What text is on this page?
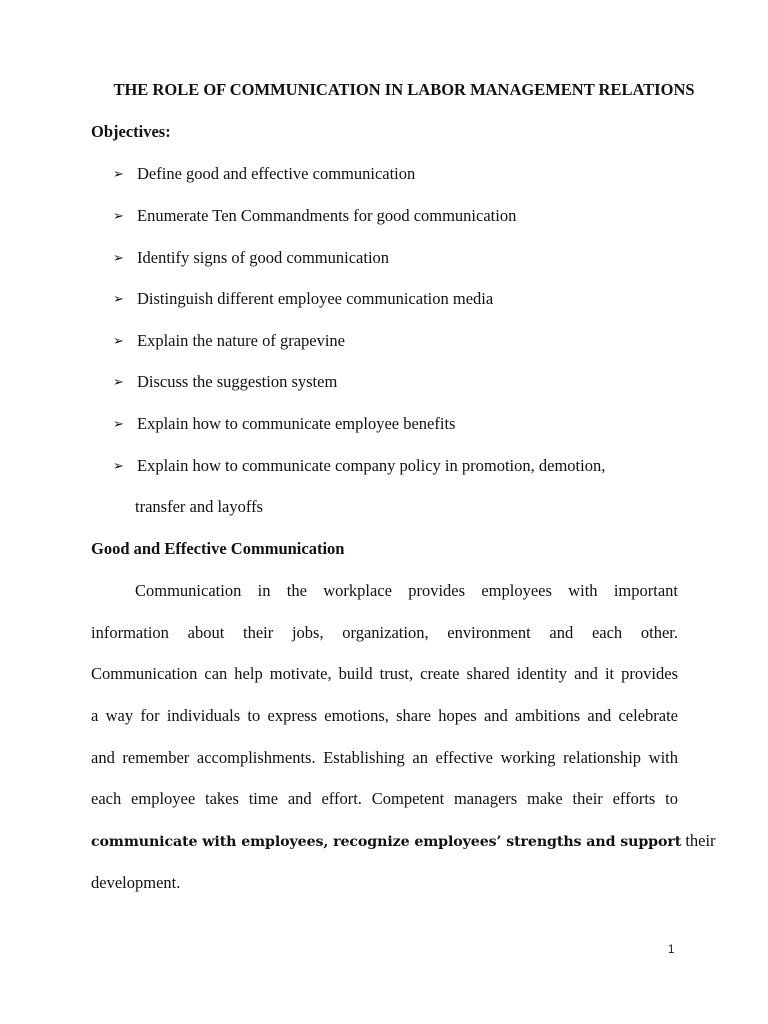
THE ROLE OF COMMUNICATION IN LABOR MANAGEMENT RELATIONS
Objectives:
➢ Define good and effective communication
➢ Enumerate Ten Commandments for good communication
➢ Identify signs of good communication
➢ Distinguish different employee communication media
➢ Explain the nature of grapevine
➢ Discuss the suggestion system
➢ Explain how to communicate employee benefits
➢ Explain how to communicate company policy in promotion, demotion,
transfer and layoffs
Good and Effective Communication
Communication in the workplace provides employees with important
information about their jobs, organization, environment and each other.
Communication can help motivate, build trust, create shared identity and it provides
a way for individuals to express emotions, share hopes and ambitions and celebrate
and remember accomplishments. Establishing an effective working relationship with
each employee takes time and effort. Competent managers make their efforts to
communicate with employees, recognize employees’ strengths and support their
development.
1
